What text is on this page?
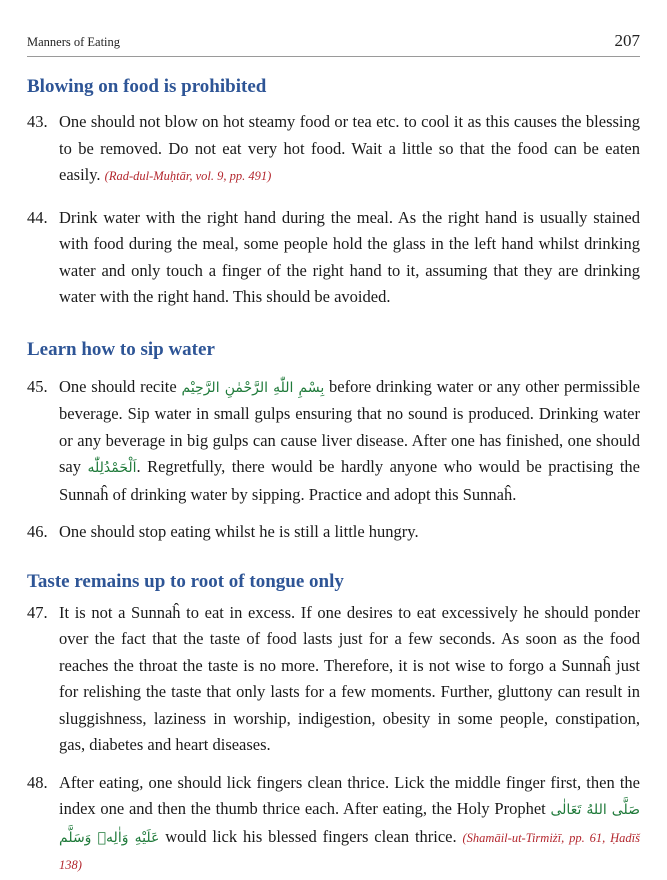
Manners of Eating	207
Blowing on food is prohibited
43. One should not blow on hot steamy food or tea etc. to cool it as this causes the blessing to be removed. Do not eat very hot food. Wait a little so that the food can be eaten easily. (Rad-dul-Muḥtār, vol. 9, pp. 491)
44. Drink water with the right hand during the meal. As the right hand is usually stained with food during the meal, some people hold the glass in the left hand whilst drinking water and only touch a finger of the right hand to it, assuming that they are drinking water with the right hand. This should be avoided.
Learn how to sip water
45. One should recite بِسْمِ اللّٰهِ الرَّحْمٰنِ الرَّحِيْم before drinking water or any other permissible beverage. Sip water in small gulps ensuring that no sound is produced. Drinking water or any beverage in big gulps can cause liver disease. After one has finished, one should say اَلْحَمْدُلِلّٰه. Regretfully, there would be hardly anyone who would be practising the Sunnaĥ of drinking water by sipping. Practice and adopt this Sunnaĥ.
46. One should stop eating whilst he is still a little hungry.
Taste remains up to root of tongue only
47. It is not a Sunnaĥ to eat in excess. If one desires to eat excessively he should ponder over the fact that the taste of food lasts just for a few seconds. As soon as the food reaches the throat the taste is no more. Therefore, it is not wise to forgo a Sunnaĥ just for relishing the taste that only lasts for a few moments. Further, gluttony can result in sluggishness, laziness in worship, indigestion, obesity in some people, constipation, gas, diabetes and heart diseases.
48. After eating, one should lick fingers clean thrice. Lick the middle finger first, then the index one and then the thumb thrice each. After eating, the Holy Prophet صَلَّى اللهُ تَعَالٰى عَلَيْهِ وَاٰلِهٖ وَسَلَّم would lick his blessed fingers clean thrice. (Shamāil-ut-Tirmiżī, pp. 61, Ḥadīš 138)
